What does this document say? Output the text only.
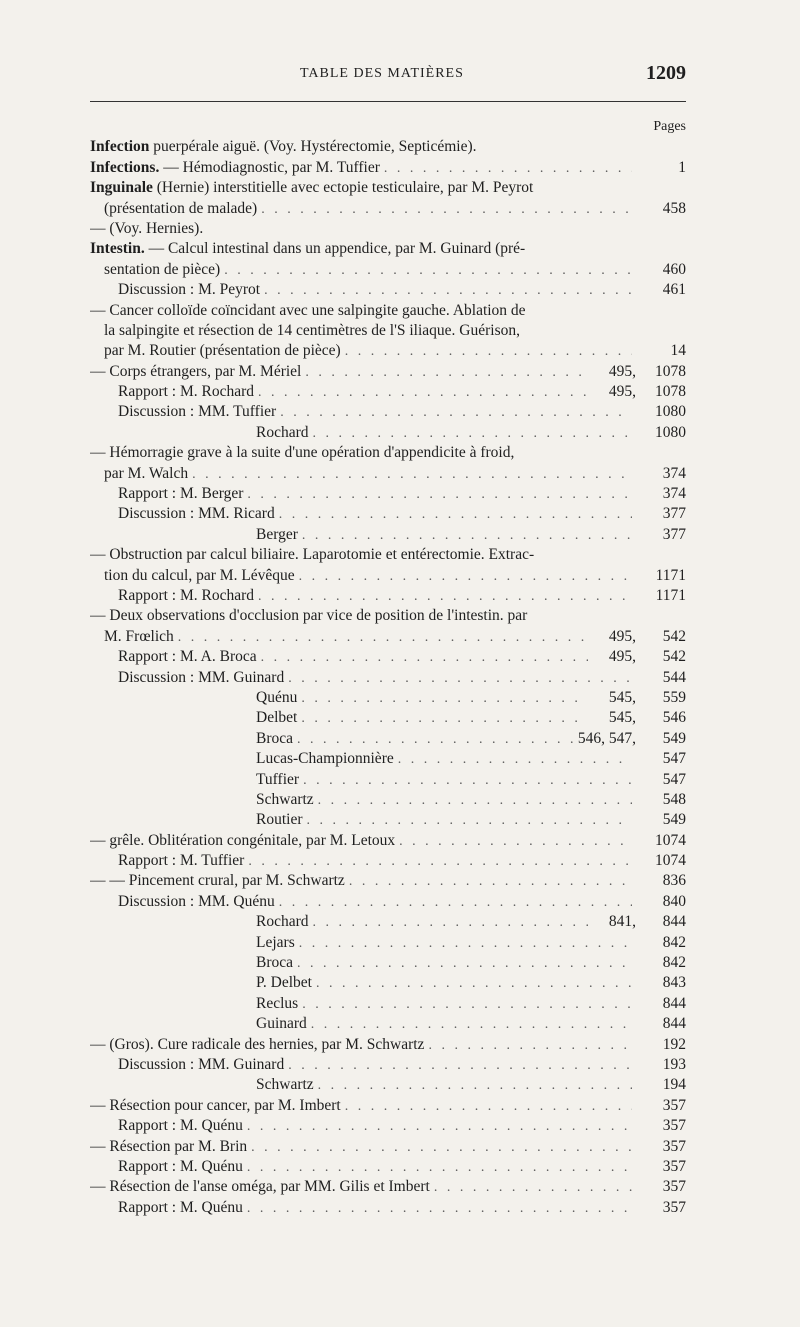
TABLE DES MATIÈRES	1209
Pages
Infection puerpérale aiguë. (Voy. Hystérectomie, Septicémie).
Infections. — Hémodiagnostic, par M. Tuffier . . .	1
Inguinale (Hernie) interstitielle avec ectopie testiculaire, par M. Peyrot
(présentation de malade) . . .	458
— (Voy. Hernies).
Intestin. — Calcul intestinal dans un appendice, par M. Guinard (pré-
sentation de pièce) . . .	460
Discussion : M. Peyrot . . .	461
— Cancer colloïde coïncidant avec une salpingite gauche. Ablation de
la salpingite et résection de 14 centimètres de l'S iliaque. Guérison,
par M. Routier (présentation de pièce) . . .	14
— Corps étrangers, par M. Mériel . . .	495, 1078
Rapport : M. Rochard . . .	495, 1078
Discussion : MM. Tuffier . . .	1080
Rochard . . .	1080
— Hémorragie grave à la suite d'une opération d'appendicite à froid,
par M. Walch . . .	374
Rapport : M. Berger . . .	374
Discussion : MM. Ricard . . .	377
Berger . . .	377
— Obstruction par calcul biliaire. Laparotomie et entérectomie. Extrac-
tion du calcul, par M. Lévêque . . .	1171
Rapport : M. Rochard . . .	1171
— Deux observations d'occlusion par vice de position de l'intestin. par
M. Frœlich . . .	495, 542
Rapport : M. A. Broca . . .	495, 542
Discussion : MM. Guinard . . .	544
Quénu . . .	545, 559
Delbet . . .	545, 546
Broca . . .	546, 547, 549
Lucas-Championnière . . .	547
Tuffier . . .	547
Schwartz . . .	548
Routier . . .	549
— grêle. Oblitération congénitale, par M. Letoux . . .	1074
Rapport : M. Tuffier . . .	1074
— — Pincement crural, par M. Schwartz . . .	836
Discussion : MM. Quénu . . .	840
Rochard . . .	841, 844
Lejars . . .	842
Broca . . .	842
P. Delbet . . .	843
Reclus . . .	844
Guinard . . .	844
— (Gros). Cure radicale des hernies, par M. Schwartz . . .	192
Discussion : MM. Guinard . . .	193
Schwartz . . .	194
— Résection pour cancer, par M. Imbert . . .	357
Rapport : M. Quénu . . .	357
— Résection par M. Brin . . .	357
Rapport : M. Quénu . . .	357
— Résection de l'anse oméga, par MM. Gilis et Imbert . . .	357
Rapport : M. Quénu . . .	357
